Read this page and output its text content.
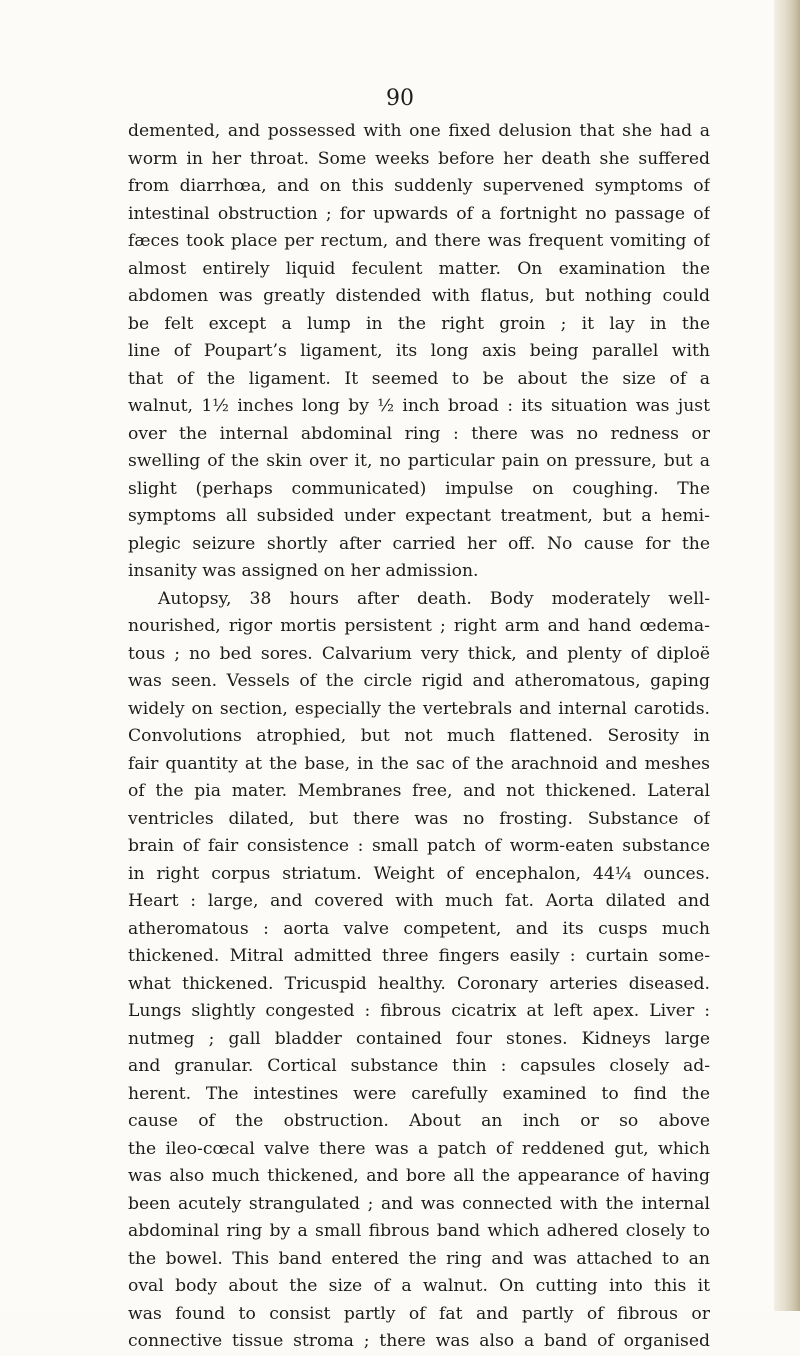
90
demented, and possessed with one fixed delusion that she had a
worm in her throat. Some weeks before her death she suffered
from diarrhœa, and on this suddenly supervened symptoms of
intestinal obstruction ; for upwards of a fortnight no passage of
fæces took place per rectum, and there was frequent vomiting of
almost entirely liquid feculent matter. On examination the
abdomen was greatly distended with flatus, but nothing could
be felt except a lump in the right groin ; it lay in the
line of Poupart’s ligament, its long axis being parallel with
that of the ligament. It seemed to be about the size of a
walnut, 1½ inches long by ½ inch broad : its situation was just
over the internal abdominal ring : there was no redness or
swelling of the skin over it, no particular pain on pressure, but a
slight (perhaps communicated) impulse on coughing. The
symptoms all subsided under expectant treatment, but a hemi-
plegic seizure shortly after carried her off. No cause for the
insanity was assigned on her admission.
Autopsy, 38 hours after death. Body moderately well-
nourished, rigor mortis persistent ; right arm and hand œdema-
tous ; no bed sores. Calvarium very thick, and plenty of diploë
was seen. Vessels of the circle rigid and atheromatous, gaping
widely on section, especially the vertebrals and internal carotids.
Convolutions atrophied, but not much flattened. Serosity in
fair quantity at the base, in the sac of the arachnoid and meshes
of the pia mater. Membranes free, and not thickened. Lateral
ventricles dilated, but there was no frosting. Substance of
brain of fair consistence : small patch of worm-eaten substance
in right corpus striatum. Weight of encephalon, 44¼ ounces.
Heart : large, and covered with much fat. Aorta dilated and
atheromatous : aorta valve competent, and its cusps much
thickened. Mitral admitted three fingers easily : curtain some-
what thickened. Tricuspid healthy. Coronary arteries diseased.
Lungs slightly congested : fibrous cicatrix at left apex. Liver :
nutmeg ; gall bladder contained four stones. Kidneys large
and granular. Cortical substance thin : capsules closely ad-
herent. The intestines were carefully examined to find the
cause of the obstruction. About an inch or so above
the ileo-cœcal valve there was a patch of reddened gut, which
was also much thickened, and bore all the appearance of having
been acutely strangulated ; and was connected with the internal
abdominal ring by a small fibrous band which adhered closely to
the bowel. This band entered the ring and was attached to an
oval body about the size of a walnut. On cutting into this it
was found to consist partly of fat and partly of fibrous or
connective tissue stroma ; there was also a band of organised
